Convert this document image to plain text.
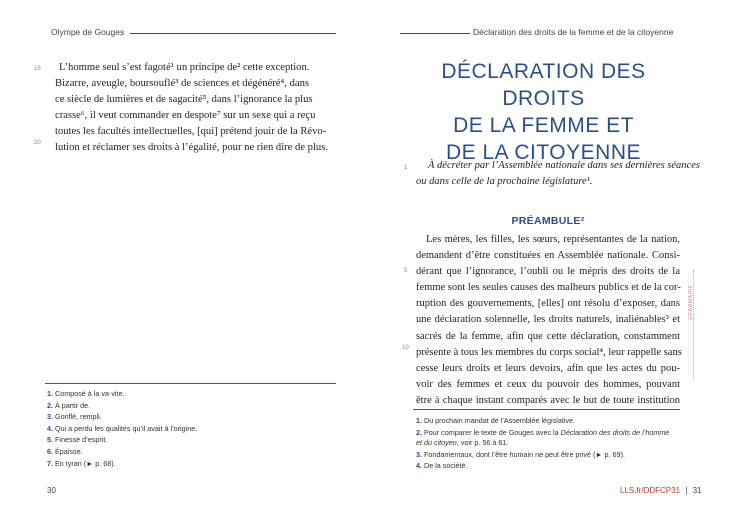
Olympe de Gouges
15
20
L’homme seul s’est fagoté¹ un principe de² cette exception.
Bizarre, aveugle, boursouflé³ de sciences et dégénéré⁴, dans
ce siècle de lumières et de sagacité⁵, dans l’ignorance la plus
crasse⁶, il veut commander en despote⁷ sur un sexe qui a reçu
toutes les facultés intellectuelles, [qui] prétend jouir de la Révo-
lution et réclamer ses droits à l’égalité, pour ne rien dire de plus.
1. Composé à la va-vite.
2. À partir de.
3. Gonflé, rempli.
4. Qui a perdu les qualités qu’il avait à l’origine.
5. Finesse d’esprit.
6. Épaisse.
7. En tyran (► p. 68).
30
Déclaration des droits de la femme et de la citoyenne
DÉCLARATION DES DROITS
DE LA FEMME ET
DE LA CITOYENNE
1	À décréter par l’Assemblée nationale dans ses dernières séances
ou dans celle de la prochaine législature¹.
PRÉAMBULE²
5
10
Les mères, les filles, les sœurs, représentantes de la nation,
demandent d’être constituées en Assemblée nationale. Consi-
dérant que l’ignorance, l’oubli ou le mépris des droits de la
femme sont les seules causes des malheurs publics et de la cor-
ruption des gouvernements, [elles] ont résolu d’exposer, dans
une déclaration solennelle, les droits naturels, inaliénables³ et
sacrés de la femme, afin que cette déclaration, constamment
présente à tous les membres du corps social⁴, leur rappelle sans
cesse leurs droits et leurs devoirs, afin que les actes du pou-
voir des femmes et ceux du pouvoir des hommes, pouvant
être à chaque instant comparés avec le but de toute institution
GRAMMAIRE
1. Du prochain mandat de l’Assemblée législative.
2. Pour comparer le texte de Gouges avec la Déclaration des droits de l’homme
et du citoyen, voir p. 56 à 61.
3. Fondamentaux, dont l’être humain ne peut être privé (► p. 69).
4. De la société.
LLS.fr/DDFCP31 | 31
